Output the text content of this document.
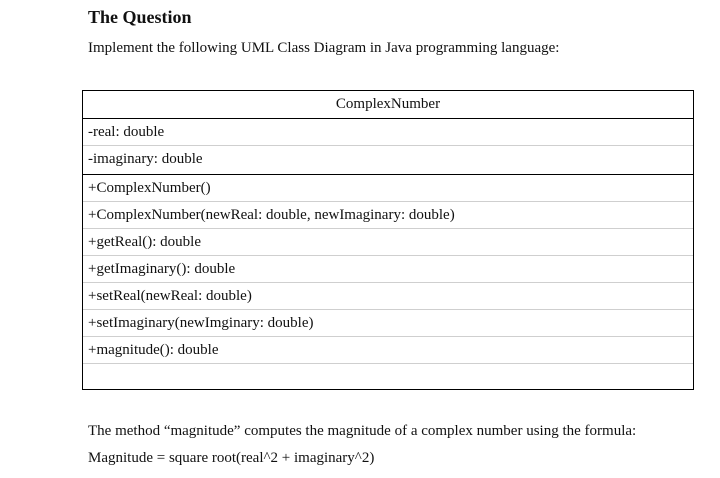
The Question

Implement the following UML Class Diagram in Java programming language:

ComplexNumber
-real: double
-imaginary: double
+ComplexNumber()
+ComplexNumber(newReal: double, newImaginary: double)
+getReal(): double
+getImaginary(): double
+setReal(newReal: double)
+setImaginary(newImginary: double)
+magnitude(): double
The method “magnitude” computes the magnitude of a complex number using the formula:
Magnitude = square root(real^2 + imaginary^2)
